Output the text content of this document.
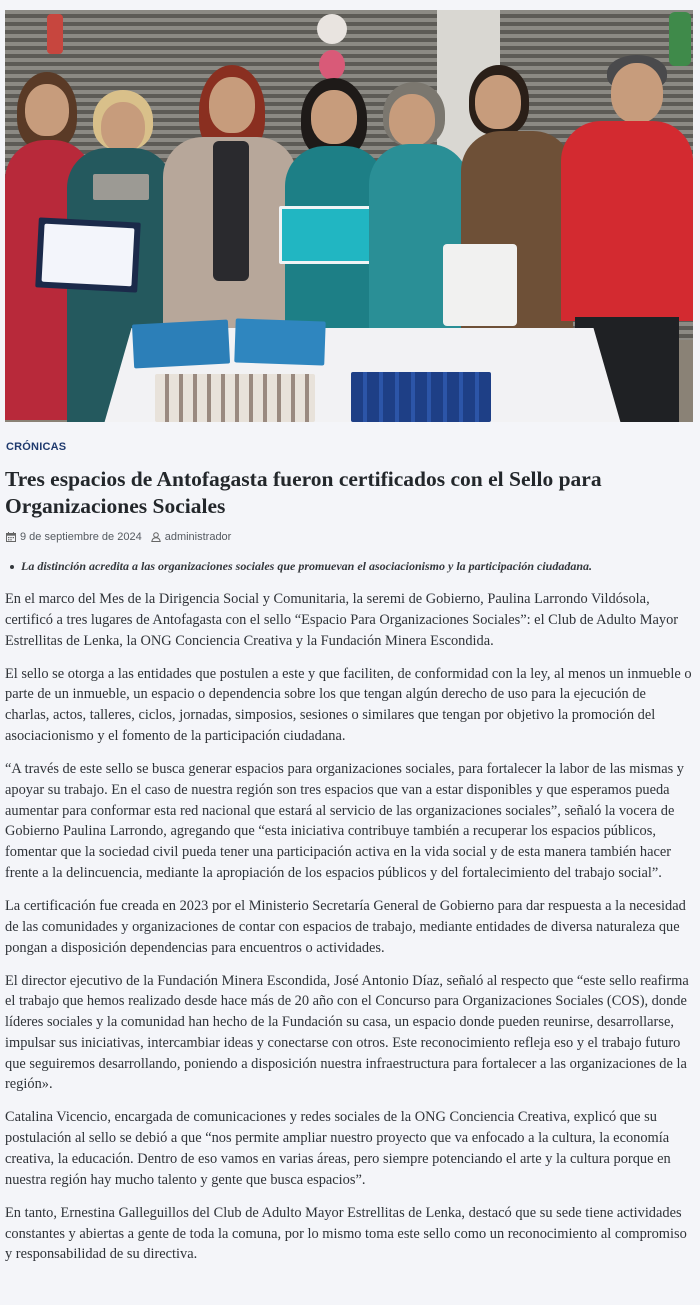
CRÓNICAS
Tres espacios de Antofagasta fueron certificados con el Sello para Organizaciones Sociales
9 de septiembre de 2024 administrador
La distinción acredita a las organizaciones sociales que promuevan el asociacionismo y la participación ciudadana.

En el marco del Mes de la Dirigencia Social y Comunitaria, la seremi de Gobierno, Paulina Larrondo Vildósola, certificó a tres lugares de Antofagasta con el sello “Espacio Para Organizaciones Sociales”: el Club de Adulto Mayor Estrellitas de Lenka, la ONG Conciencia Creativa y la Fundación Minera Escondida.

El sello se otorga a las entidades que postulen a este y que faciliten, de conformidad con la ley, al menos un inmueble o parte de un inmueble, un espacio o dependencia sobre los que tengan algún derecho de uso para la ejecución de charlas, actos, talleres, ciclos, jornadas, simposios, sesiones o similares que tengan por objetivo la promoción del asociacionismo y el fomento de la participación ciudadana.

“A través de este sello se busca generar espacios para organizaciones sociales, para fortalecer la labor de las mismas y apoyar su trabajo. En el caso de nuestra región son tres espacios que van a estar disponibles y que esperamos pueda aumentar para conformar esta red nacional que estará al servicio de las organizaciones sociales”, señaló la vocera de Gobierno Paulina Larrondo, agregando que “esta iniciativa contribuye también a recuperar los espacios públicos, fomentar que la sociedad civil pueda tener una participación activa en la vida social y de esta manera también hacer frente a la delincuencia, mediante la apropiación de los espacios públicos y del fortalecimiento del trabajo social”.

La certificación fue creada en 2023 por el Ministerio Secretaría General de Gobierno para dar respuesta a la necesidad de las comunidades y organizaciones de contar con espacios de trabajo, mediante entidades de diversa naturaleza que pongan a disposición dependencias para encuentros o actividades.

El director ejecutivo de la Fundación Minera Escondida, José Antonio Díaz, señaló al respecto que “este sello reafirma el trabajo que hemos realizado desde hace más de 20 año con el Concurso para Organizaciones Sociales (COS), donde líderes sociales y la comunidad han hecho de la Fundación su casa, un espacio donde pueden reunirse, desarrollarse, impulsar sus iniciativas, intercambiar ideas y conectarse con otros. Este reconocimiento refleja eso y el trabajo futuro que seguiremos desarrollando, poniendo a disposición nuestra infraestructura para fortalecer a las organizaciones de la región».

Catalina Vicencio, encargada de comunicaciones y redes sociales de la ONG Conciencia Creativa, explicó que su postulación al sello se debió a que “nos permite ampliar nuestro proyecto que va enfocado a la cultura, la economía creativa, la educación. Dentro de eso vamos en varias áreas, pero siempre potenciando el arte y la cultura porque en nuestra región hay mucho talento y gente que busca espacios”.

En tanto, Ernestina Galleguillos del Club de Adulto Mayor Estrellitas de Lenka, destacó que su sede tiene actividades constantes y abiertas a gente de toda la comuna, por lo mismo toma este sello como un reconocimiento al compromiso y responsabilidad de su directiva.
